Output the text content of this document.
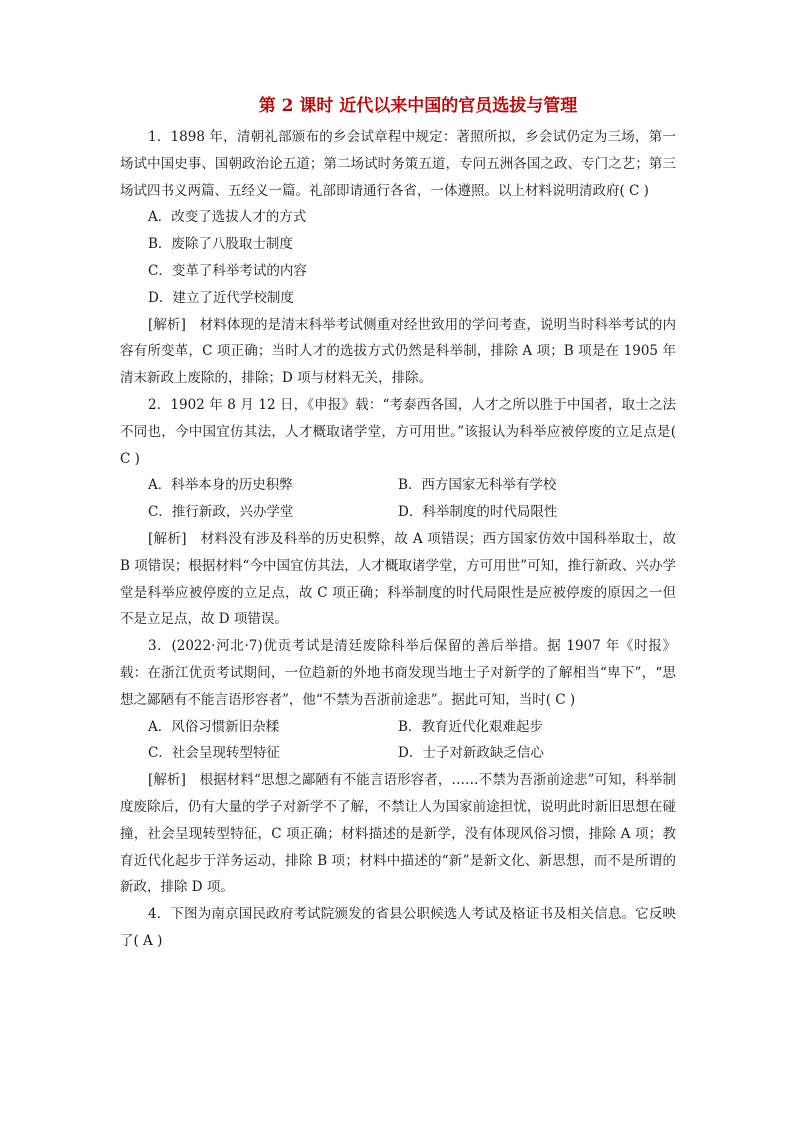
第 2 课时 近代以来中国的官员选拔与管理

1．1898 年，清朝礼部颁布的乡会试章程中规定：著照所拟，乡会试仍定为三场，第一场试中国史事、国朝政治论五道；第二场试时务策五道，专问五洲各国之政、专门之艺；第三场试四书义两篇、五经义一篇。礼部即请通行各省，一体遵照。以上材料说明清政府( C )

A．改变了选拔人才的方式

B．废除了八股取士制度

C．变革了科举考试的内容

D．建立了近代学校制度

[解析]　材料体现的是清末科举考试侧重对经世致用的学问考查，说明当时科举考试的内容有所变革，C 项正确；当时人才的选拔方式仍然是科举制，排除 A 项；B 项是在 1905 年清末新政上废除的，排除；D 项与材料无关，排除。

2．1902 年 8 月 12 日，《申报》载：“考泰西各国，人才之所以胜于中国者，取士之法不同也，今中国宜仿其法，人才概取诸学堂，方可用世。”该报认为科举应被停废的立足点是( C )

A．科举本身的历史积弊	B．西方国家无科举有学校
C．推行新政，兴办学堂	D．科举制度的时代局限性

[解析]　材料没有涉及科举的历史积弊，故 A 项错误；西方国家仿效中国科举取士，故 B 项错误；根据材料“今中国宜仿其法，人才概取诸学堂，方可用世”可知，推行新政、兴办学堂是科举应被停废的立足点，故 C 项正确；科举制度的时代局限性是应被停废的原因之一但不是立足点，故 D 项错误。

3．(2022·河北·7)优贡考试是清廷废除科举后保留的善后举措。据 1907 年《时报》载：在浙江优贡考试期间，一位趋新的外地书商发现当地士子对新学的了解相当“卑下”，“思想之鄙陋有不能言语形容者”，他“不禁为吾浙前途悲”。据此可知，当时( C )

A．风俗习惯新旧杂糅	B．教育近代化艰难起步
C．社会呈现转型特征	D．士子对新政缺乏信心

[解析]　根据材料“思想之鄙陋有不能言语形容者，……不禁为吾浙前途悲”可知，科举制度废除后，仍有大量的学子对新学不了解，不禁让人为国家前途担忧，说明此时新旧思想在碰撞，社会呈现转型特征，C 项正确；材料描述的是新学，没有体现风俗习惯，排除 A 项；教育近代化起步于洋务运动，排除 B 项；材料中描述的“新”是新文化、新思想，而不是所谓的新政，排除 D 项。

4．下图为南京国民政府考试院颁发的省县公职候选人考试及格证书及相关信息。它反映了( A )
